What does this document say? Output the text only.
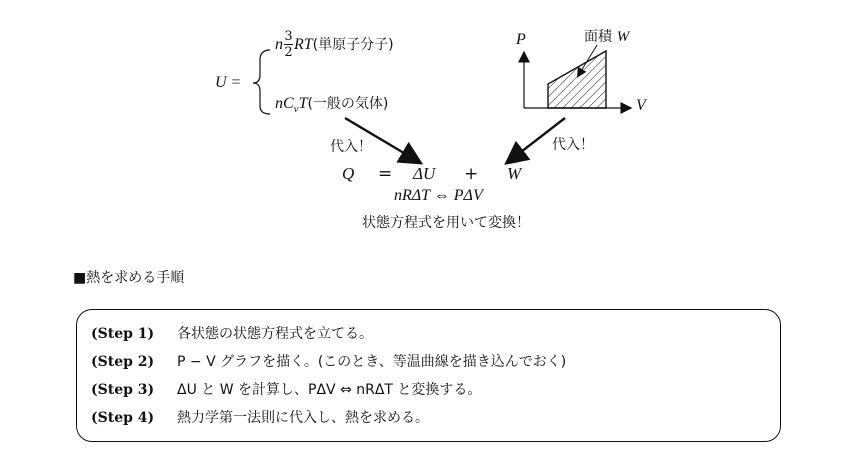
U =
n $\frac{3}{2} RT$(単原子分子)
$nC_vT$(一般の気体)
P
V
面積 W
代入！	代入！
Q = ΔU + W
nRΔT ⇔ PΔV
状態方程式を用いて変換！
■熱を求める手順
(Step 1) 各状態の状態方程式を立てる。
(Step 2) P − V グラフを描く。(このとき、等温曲線を描き込んでおく)
(Step 3) ΔU と W を計算し、PΔV ⇔ nRΔT と変換する。
(Step 4) 熱力学第一法則に代入し、熱を求める。
